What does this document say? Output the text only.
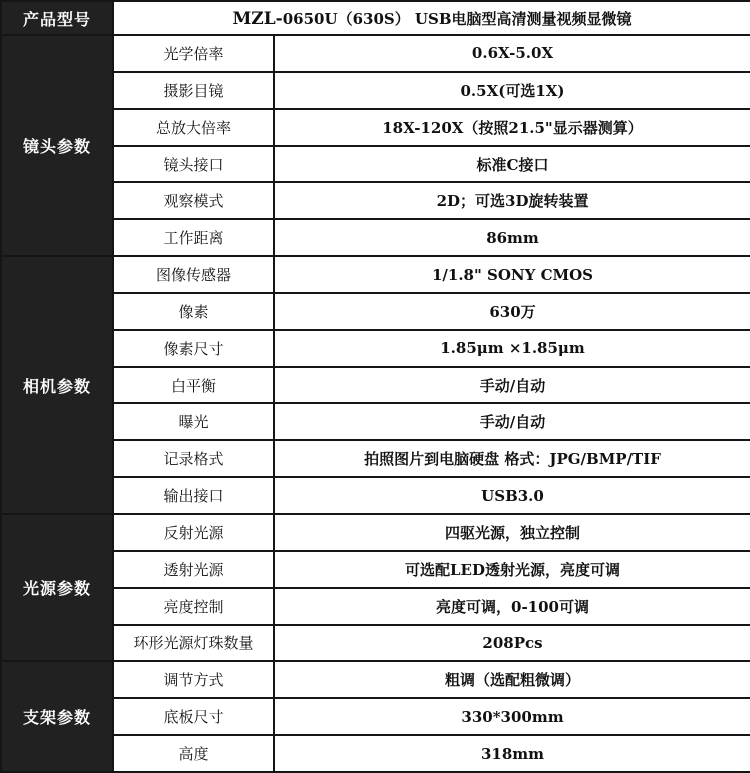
产品型号	MZL-0650U（630S） USB电脑型高清测量视频显微镜	
镜头参数	光学倍率	0.6X-5.0X
	摄影目镜	0.5X(可选1X)
	总放大倍率	18X-120X（按照21.5"显示器测算）
	镜头接口	标准C接口
	观察模式	2D；可选3D旋转装置
	工作距离	86mm
相机参数	图像传感器	1/1.8" SONY CMOS
	像素	630万
	像素尺寸	1.85μm ×1.85μm
	白平衡	手动/自动
	曝光	手动/自动
	记录格式	拍照图片到电脑硬盘 格式：JPG/BMP/TIF
	输出接口	USB3.0
光源参数	反射光源	四驱光源，独立控制
	透射光源	可选配LED透射光源，亮度可调
	亮度控制	亮度可调，0-100可调
	环形光源灯珠数量	208Pcs
支架参数	调节方式	粗调（选配粗微调）
	底板尺寸	330*300mm
	高度	318mm
